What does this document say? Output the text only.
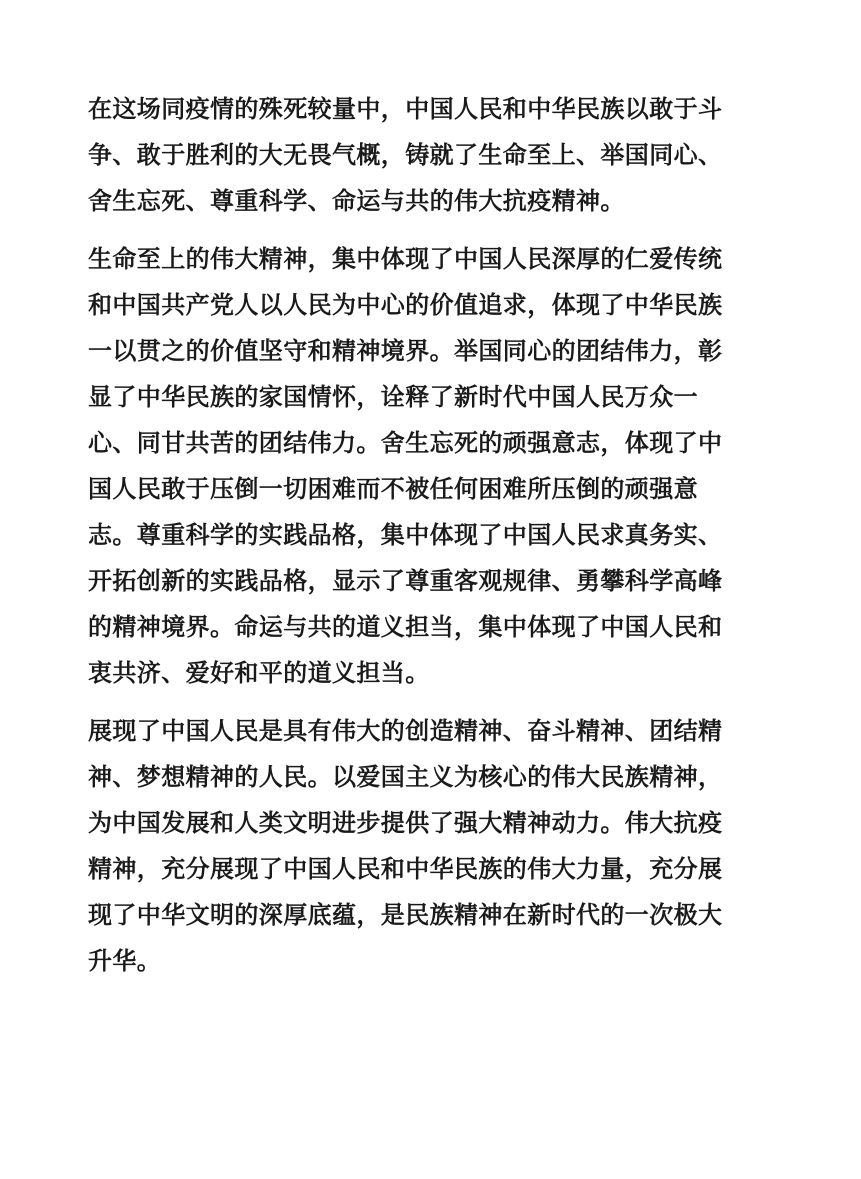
在这场同疫情的殊死较量中，中国人民和中华民族以敢于斗
争、敢于胜利的大无畏气概，铸就了生命至上、举国同心、
舍生忘死、尊重科学、命运与共的伟大抗疫精神。

生命至上的伟大精神，集中体现了中国人民深厚的仁爱传统
和中国共产党人以人民为中心的价值追求，体现了中华民族
一以贯之的价值坚守和精神境界。举国同心的团结伟力，彰
显了中华民族的家国情怀，诠释了新时代中国人民万众一
心、同甘共苦的团结伟力。舍生忘死的顽强意志，体现了中
国人民敢于压倒一切困难而不被任何困难所压倒的顽强意
志。尊重科学的实践品格，集中体现了中国人民求真务实、
开拓创新的实践品格，显示了尊重客观规律、勇攀科学高峰
的精神境界。命运与共的道义担当，集中体现了中国人民和
衷共济、爱好和平的道义担当。

展现了中国人民是具有伟大的创造精神、奋斗精神、团结精
神、梦想精神的人民。以爱国主义为核心的伟大民族精神，
为中国发展和人类文明进步提供了强大精神动力。伟大抗疫
精神，充分展现了中国人民和中华民族的伟大力量，充分展
现了中华文明的深厚底蕴，是民族精神在新时代的一次极大
升华。
